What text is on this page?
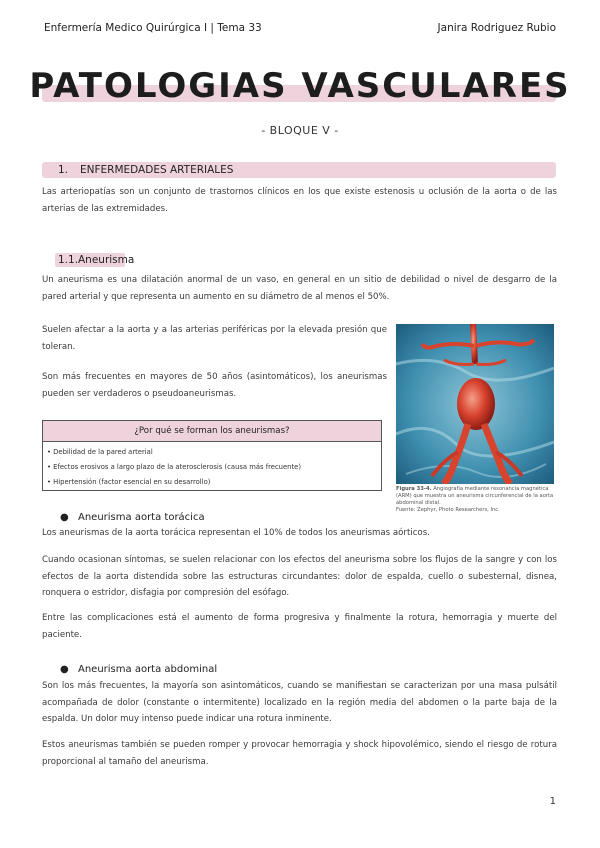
Enfermería Medico Quirúrgica I | Tema 33	Janira Rodriguez Rubio
PATOLOGIAS VASCULARES
- BLOQUE V -
1. ENFERMEDADES ARTERIALES

Las arteriopatías son un conjunto de trastornos clínicos en los que existe estenosis u oclusión de la aorta o de las arterias de las extremidades.

1.1. Aneurisma

Un aneurisma es una dilatación anormal de un vaso, en general en un sitio de debilidad o nivel de desgarro de la pared arterial y que representa un aumento en su diámetro de al menos el 50%.

Suelen afectar a la aorta y a las arterias periféricas por la elevada presión que toleran.

Son más frecuentes en mayores de 50 años (asintomáticos), los aneurismas pueden ser verdaderos o pseudoaneurismas.

¿Por qué se forman los aneurismas?
• Debilidad de la pared arterial
• Efectos erosivos a largo plazo de la aterosclerosis (causa más frecuente)
• Hipertensión (factor esencial en su desarrollo)
Figura 33-4. Angiografía mediante resonancia magnética (ARM) que muestra un aneurisma circunferencial de la aorta abdominal distal.
Fuente: Zephyr, Photo Researchers, Inc.
● Aneurisma aorta torácica

Los aneurismas de la aorta torácica representan el 10% de todos los aneurismas aórticos.

Cuando ocasionan síntomas, se suelen relacionar con los efectos del aneurisma sobre los flujos de la sangre y con los efectos de la aorta distendida sobre las estructuras circundantes: dolor de espalda, cuello o subesternal, disnea, ronquera o estridor, disfagia por compresión del esófago.

Entre las complicaciones está el aumento de forma progresiva y finalmente la rotura, hemorragia y muerte del paciente.

● Aneurisma aorta abdominal

Son los más frecuentes, la mayoría son asintomáticos, cuando se manifiestan se caracterizan por una masa pulsátil acompañada de dolor (constante o intermitente) localizado en la región media del abdomen o la parte baja de la espalda. Un dolor muy intenso puede indicar una rotura inminente.

Estos aneurismas también se pueden romper y provocar hemorragia y shock hipovolémico, siendo el riesgo de rotura proporcional al tamaño del aneurisma.

1
